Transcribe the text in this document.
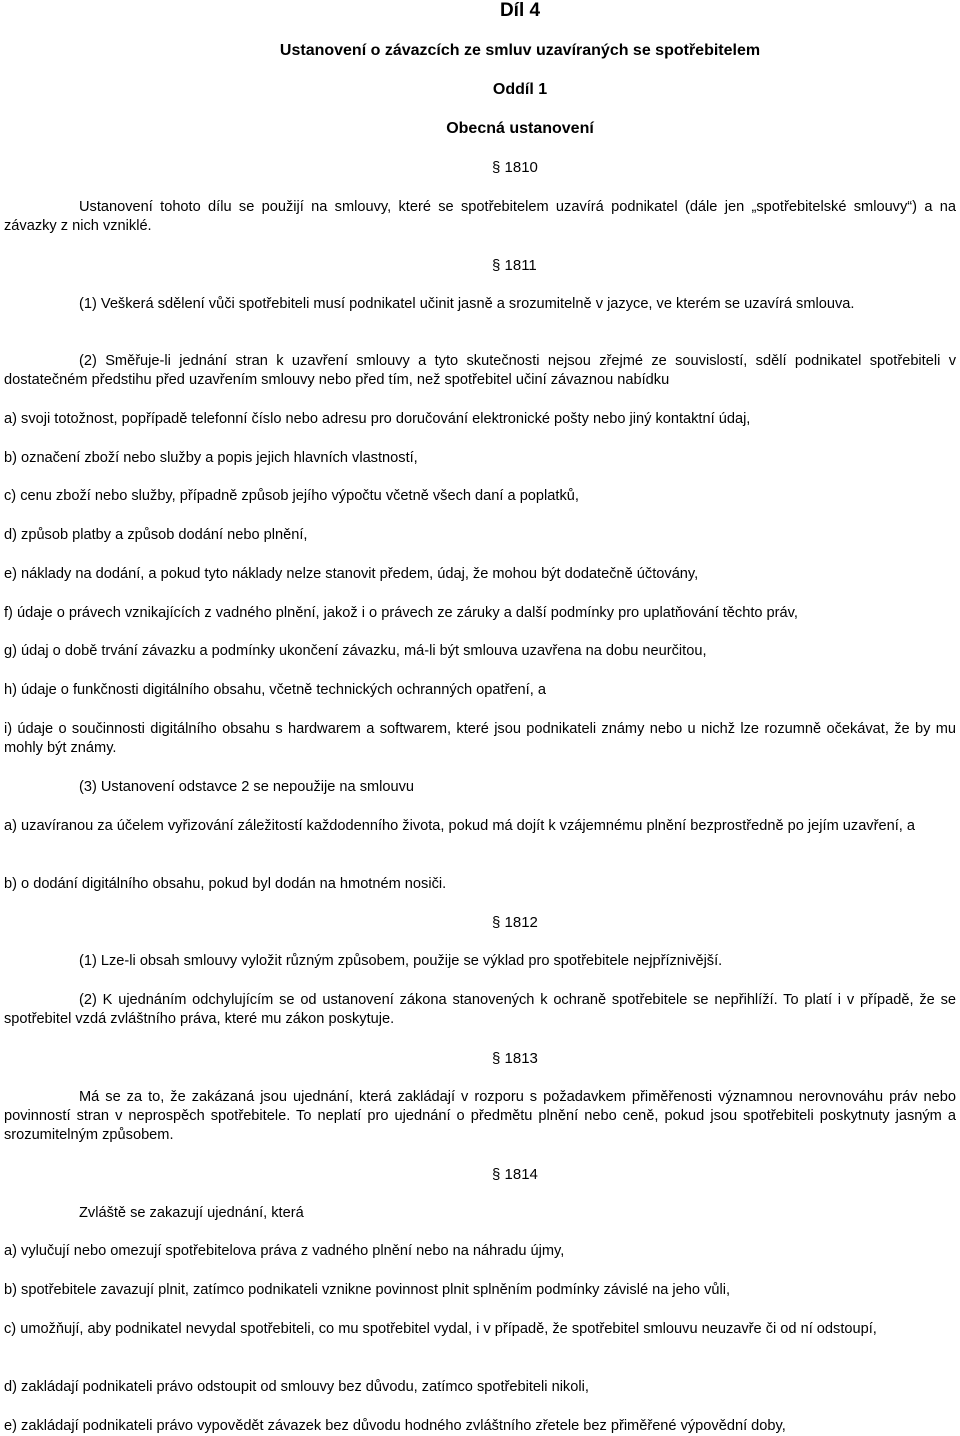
Díl 4
Ustanovení o závazcích ze smluv uzavíraných se spotřebitelem
Oddíl 1
Obecná ustanovení
§ 1810
Ustanovení tohoto dílu se použijí na smlouvy, které se spotřebitelem uzavírá podnikatel (dále jen „spotřebitelské smlouvy“) a na závazky z nich vzniklé.
§ 1811
(1) Veškerá sdělení vůči spotřebiteli musí podnikatel učinit jasně a srozumitelně v jazyce, ve kterém se uzavírá smlouva.
(2) Směřuje-li jednání stran k uzavření smlouvy a tyto skutečnosti nejsou zřejmé ze souvislostí, sdělí podnikatel spotřebiteli v dostatečném předstihu před uzavřením smlouvy nebo před tím, než spotřebitel učiní závaznou nabídku
a) svoji totožnost, popřípadě telefonní číslo nebo adresu pro doručování elektronické pošty nebo jiný kontaktní údaj,
b) označení zboží nebo služby a popis jejich hlavních vlastností,
c) cenu zboží nebo služby, případně způsob jejího výpočtu včetně všech daní a poplatků,
d) způsob platby a způsob dodání nebo plnění,
e) náklady na dodání, a pokud tyto náklady nelze stanovit předem, údaj, že mohou být dodatečně účtovány,
f) údaje o právech vznikajících z vadného plnění, jakož i o právech ze záruky a další podmínky pro uplatňování těchto práv,
g) údaj o době trvání závazku a podmínky ukončení závazku, má-li být smlouva uzavřena na dobu neurčitou,
h) údaje o funkčnosti digitálního obsahu, včetně technických ochranných opatření, a
i) údaje o součinnosti digitálního obsahu s hardwarem a softwarem, které jsou podnikateli známy nebo u nichž lze rozumně očekávat, že by mu mohly být známy.
(3) Ustanovení odstavce 2 se nepoužije na smlouvu
a) uzavíranou za účelem vyřizování záležitostí každodenního života, pokud má dojít k vzájemnému plnění bezprostředně po jejím uzavření, a
b) o dodání digitálního obsahu, pokud byl dodán na hmotném nosiči.
§ 1812
(1) Lze-li obsah smlouvy vyložit různým způsobem, použije se výklad pro spotřebitele nejpříznivější.
(2) K ujednáním odchylujícím se od ustanovení zákona stanovených k ochraně spotřebitele se nepřihlíží. To platí i v případě, že se spotřebitel vzdá zvláštního práva, které mu zákon poskytuje.
§ 1813
Má se za to, že zakázaná jsou ujednání, která zakládají v rozporu s požadavkem přiměřenosti významnou nerovnováhu práv nebo povinností stran v neprospěch spotřebitele. To neplatí pro ujednání o předmětu plnění nebo ceně, pokud jsou spotřebiteli poskytnuty jasným a srozumitelným způsobem.
§ 1814
Zvláště se zakazují ujednání, která
a) vylučují nebo omezují spotřebitelova práva z vadného plnění nebo na náhradu újmy,
b) spotřebitele zavazují plnit, zatímco podnikateli vznikne povinnost plnit splněním podmínky závislé na jeho vůli,
c) umožňují, aby podnikatel nevydal spotřebiteli, co mu spotřebitel vydal, i v případě, že spotřebitel smlouvu neuzavře či od ní odstoupí,
d) zakládají podnikateli právo odstoupit od smlouvy bez důvodu, zatímco spotřebiteli nikoli,
e) zakládají podnikateli právo vypovědět závazek bez důvodu hodného zvláštního zřetele bez přiměřené výpovědní doby,
